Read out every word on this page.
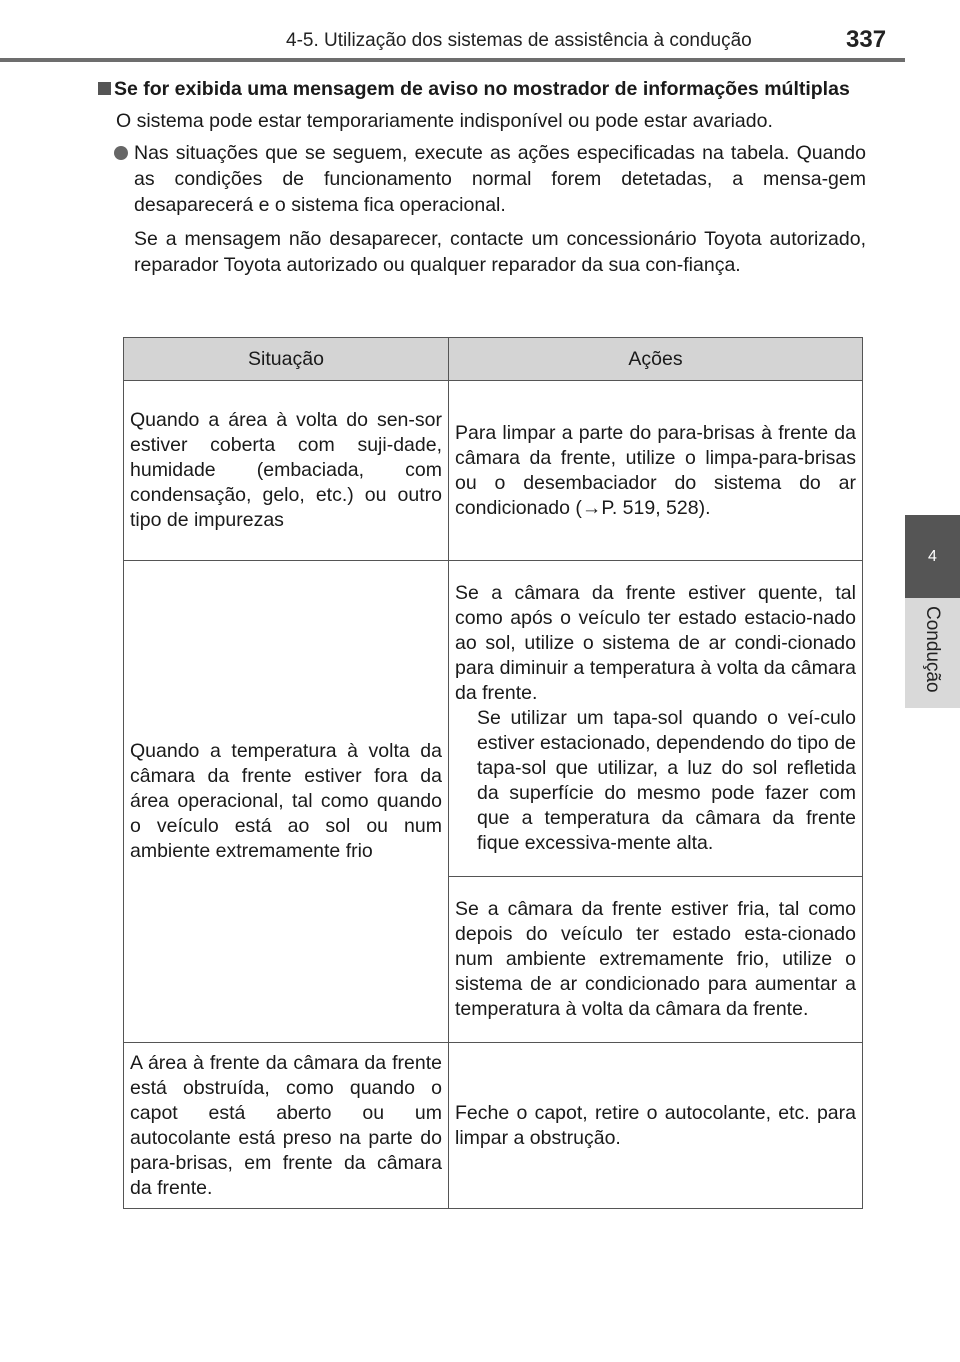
4-5. Utilização dos sistemas de assistência à condução	337
4
Condução
Se for exibida uma mensagem de aviso no mostrador de informações múltiplas
O sistema pode estar temporariamente indisponível ou pode estar avariado.
Nas situações que se seguem, execute as ações especificadas na tabela. Quando as condições de funcionamento normal forem detetadas, a mensa-gem desaparecerá e o sistema fica operacional.
Se a mensagem não desaparecer, contacte um concessionário Toyota autorizado, reparador Toyota autorizado ou qualquer reparador da sua con-fiança.
Situação	Ações
Quando a área à volta do sen-sor estiver coberta com suji-dade, humidade (embaciada, com condensação, gelo, etc.) ou outro tipo de impurezas	Para limpar a parte do para-brisas à frente da câmara da frente, utilize o limpa-para-brisas ou o desembaciador do sistema do ar condicionado (→P. 519, 528).
Quando a temperatura à volta da câmara da frente estiver fora da área operacional, tal como quando o veículo está ao sol ou num ambiente extremamente frio	Se a câmara da frente estiver quente, tal como após o veículo ter estado estacio-nado ao sol, utilize o sistema de ar condi-cionado para diminuir a temperatura à volta da câmara da frente.
Se utilizar um tapa-sol quando o veí-culo estiver estacionado, dependendo do tipo de tapa-sol que utilizar, a luz do sol refletida da superfície do mesmo pode fazer com que a temperatura da câmara da frente fique excessiva-mente alta.

	Se a câmara da frente estiver fria, tal como depois do veículo ter estado esta-cionado num ambiente extremamente frio, utilize o sistema de ar condicionado para aumentar a temperatura à volta da câmara da frente.
A área à frente da câmara da frente está obstruída, como quando o capot está aberto ou um autocolante está preso na parte do para-brisas, em frente da câmara da frente.	Feche o capot, retire o autocolante, etc. para limpar a obstrução.
